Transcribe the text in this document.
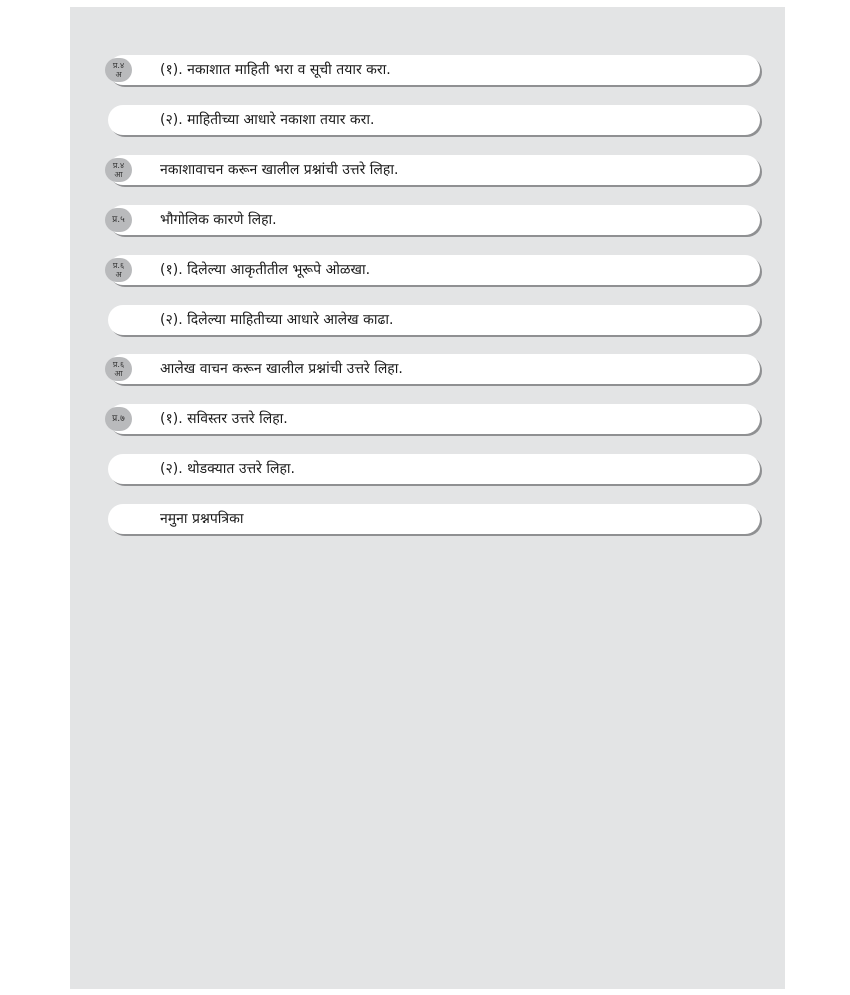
प्र.४
अ	(१). नकाशात माहिती भरा व सूची तयार करा.
(२). माहितीच्या आधारे नकाशा तयार करा.
प्र.४
आ	नकाशावाचन करून खालील प्रश्नांची उत्तरे लिहा.
प्र.५	भौगोलिक कारणे लिहा.
प्र.६
अ	(१). दिलेल्या आकृतीतील भूरूपे ओळखा.
(२). दिलेल्या माहितीच्या आधारे आलेख काढा.
प्र.६
आ	आलेख वाचन करून खालील प्रश्नांची उत्तरे लिहा.
प्र.७	(१). सविस्तर उत्तरे लिहा.
(२). थोडक्यात उत्तरे लिहा.
नमुना प्रश्नपत्रिका
